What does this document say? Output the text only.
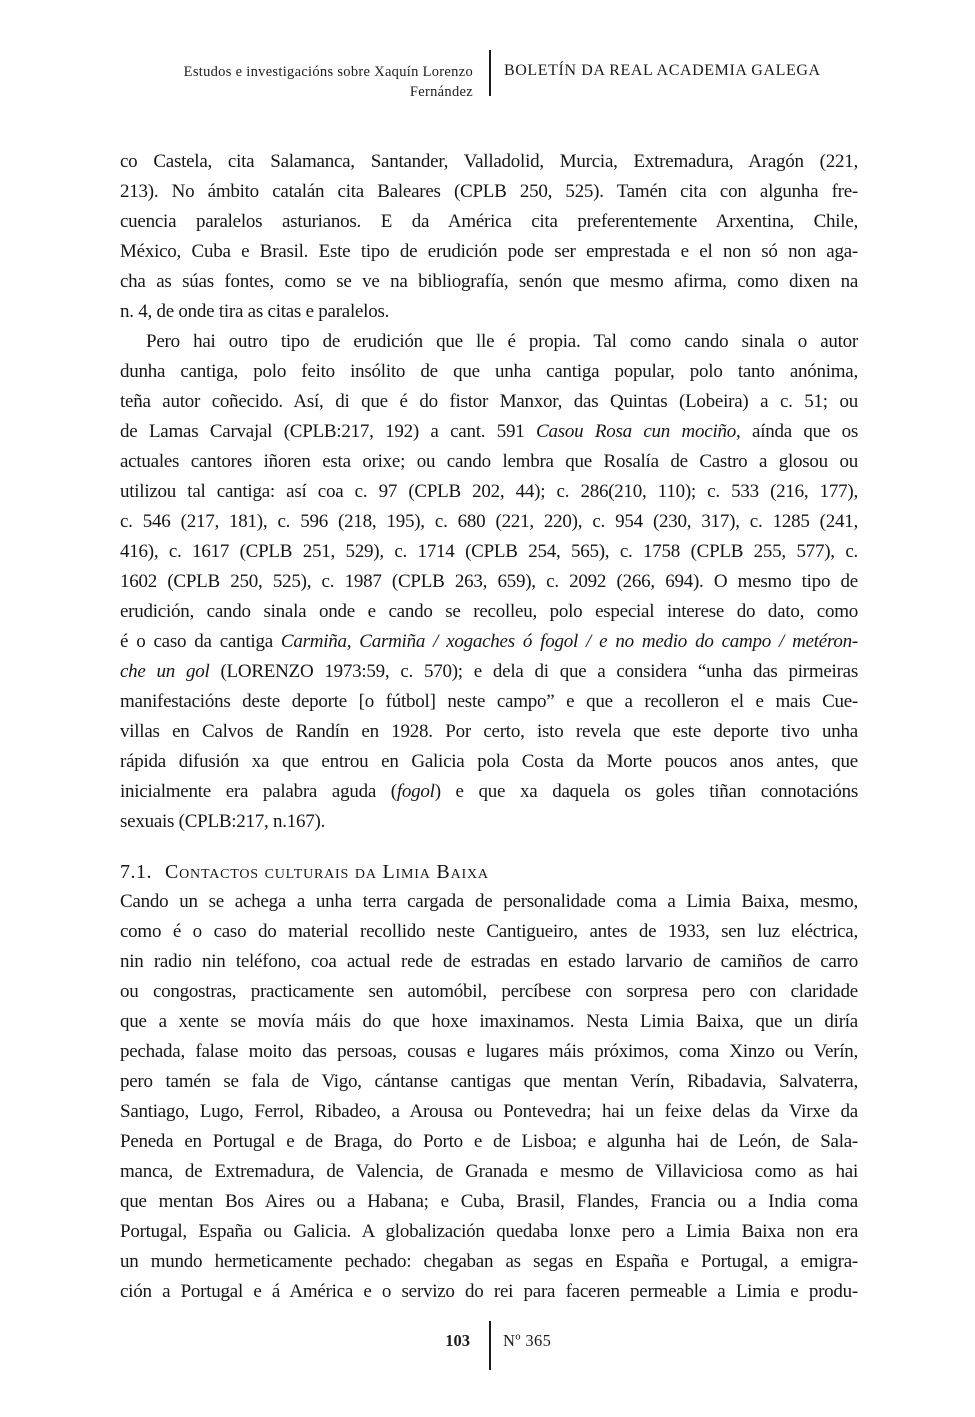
Estudos e investigacións sobre Xaquín Lorenzo Fernández
BOLETÍN DA REAL ACADEMIA GALEGA
co Castela, cita Salamanca, Santander, Valladolid, Murcia, Extremadura, Aragón (221,
213). No ámbito catalán cita Baleares (CPLB 250, 525). Tamén cita con algunha fre-
cuencia paralelos asturianos. E da América cita preferentemente Arxentina, Chile,
México, Cuba e Brasil. Este tipo de erudición pode ser emprestada e el non só non aga-
cha as súas fontes, como se ve na bibliografía, senón que mesmo afirma, como dixen na
n. 4, de onde tira as citas e paralelos.
Pero hai outro tipo de erudición que lle é propia. Tal como cando sinala o autor
dunha cantiga, polo feito insólito de que unha cantiga popular, polo tanto anónima,
teña autor coñecido. Así, di que é do fistor Manxor, das Quintas (Lobeira) a c. 51; ou
de Lamas Carvajal (CPLB:217, 192) a cant. 591 Casou Rosa cun mociño, aínda que os
actuales cantores iñoren esta orixe; ou cando lembra que Rosalía de Castro a glosou ou
utilizou tal cantiga: así coa c. 97 (CPLB 202, 44); c. 286(210, 110); c. 533 (216, 177),
c. 546 (217, 181), c. 596 (218, 195), c. 680 (221, 220), c. 954 (230, 317), c. 1285 (241,
416), c. 1617 (CPLB 251, 529), c. 1714 (CPLB 254, 565), c. 1758 (CPLB 255, 577), c.
1602 (CPLB 250, 525), c. 1987 (CPLB 263, 659), c. 2092 (266, 694). O mesmo tipo de
erudición, cando sinala onde e cando se recolleu, polo especial interese do dato, como
é o caso da cantiga Carmiña, Carmiña / xogaches ó fogol / e no medio do campo / metéron-
che un gol (LORENZO 1973:59, c. 570); e dela di que a considera “unha das pirmeiras
manifestacións deste deporte [o fútbol] neste campo” e que a recolleron el e mais Cue-
villas en Calvos de Randín en 1928. Por certo, isto revela que este deporte tivo unha
rápida difusión xa que entrou en Galicia pola Costa da Morte poucos anos antes, que
inicialmente era palabra aguda (fogol) e que xa daquela os goles tiñan connotacións
sexuais (CPLB:217, n.167).
7.1. Contactos culturais da Limia Baixa
Cando un se achega a unha terra cargada de personalidade coma a Limia Baixa, mesmo,
como é o caso do material recollido neste Cantigueiro, antes de 1933, sen luz eléctrica,
nin radio nin teléfono, coa actual rede de estradas en estado larvario de camiños de carro
ou congostras, practicamente sen automóbil, percíbese con sorpresa pero con claridade
que a xente se movía máis do que hoxe imaxinamos. Nesta Limia Baixa, que un diría
pechada, falase moito das persoas, cousas e lugares máis próximos, coma Xinzo ou Verín,
pero tamén se fala de Vigo, cántanse cantigas que mentan Verín, Ribadavia, Salvaterra,
Santiago, Lugo, Ferrol, Ribadeo, a Arousa ou Pontevedra; hai un feixe delas da Virxe da
Peneda en Portugal e de Braga, do Porto e de Lisboa; e algunha hai de León, de Sala-
manca, de Extremadura, de Valencia, de Granada e mesmo de Villaviciosa como as hai
que mentan Bos Aires ou a Habana; e Cuba, Brasil, Flandes, Francia ou a India coma
Portugal, España ou Galicia. A globalización quedaba lonxe pero a Limia Baixa non era
un mundo hermeticamente pechado: chegaban as segas en España e Portugal, a emigra-
ción a Portugal e á América e o servizo do rei para faceren permeable a Limia e produ-
103 Nº 365
